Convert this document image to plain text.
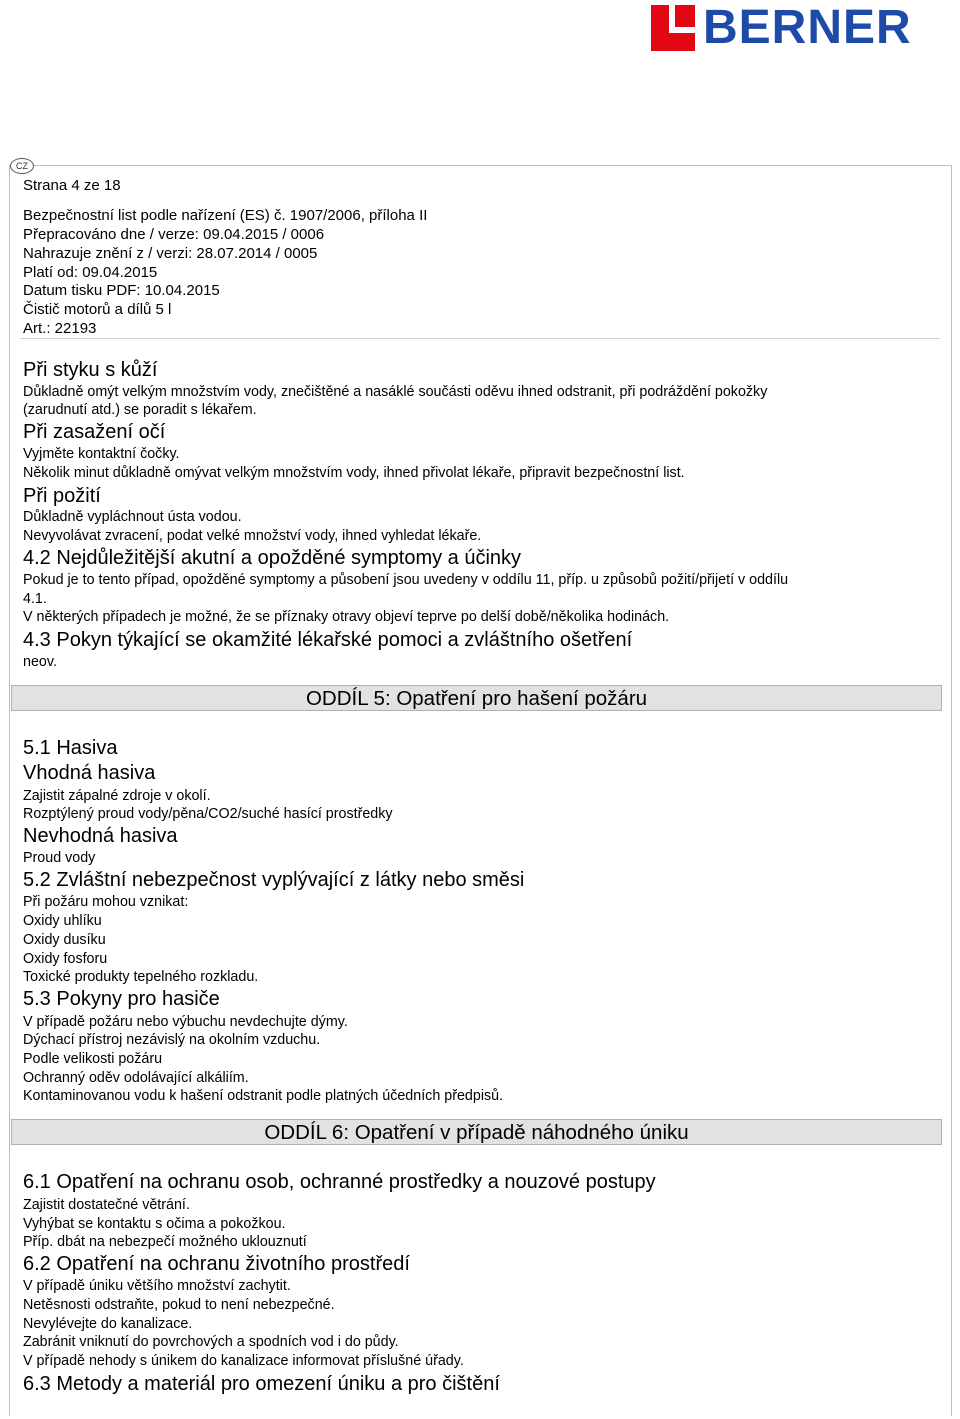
BERNER
CZ
Strana 4 ze 18
Bezpečnostní list podle nařízení (ES) č. 1907/2006, příloha II
Přepracováno dne / verze: 09.04.2015 / 0006
Nahrazuje znění z / verzi: 28.07.2014 / 0005
Platí od: 09.04.2015
Datum tisku PDF: 10.04.2015
Čistič motorů a dílů 5 l
Art.: 22193
Při styku s kůží
Důkladně omýt velkým množstvím vody, znečištěné a nasáklé součásti oděvu ihned odstranit, při podráždění pokožky
(zarudnutí atd.) se poradit s lékařem.
Při zasažení očí
Vyjměte kontaktní čočky.
Několik minut důkladně omývat velkým množstvím vody, ihned přivolat lékaře, připravit bezpečnostní list.
Při požití
Důkladně vypláchnout ústa vodou.
Nevyvolávat zvracení, podat velké množství vody, ihned vyhledat lékaře.
4.2 Nejdůležitější akutní a opožděné symptomy a účinky
Pokud je to tento případ, opožděné symptomy a působení jsou uvedeny v oddílu 11, příp. u způsobů požití/přijetí v oddílu
4.1.
V některých případech je možné, že se příznaky otravy objeví teprve po delší době/několika hodinách.
4.3 Pokyn týkající se okamžité lékařské pomoci a zvláštního ošetření
neov.
ODDÍL 5: Opatření pro hašení požáru
5.1 Hasiva
Vhodná hasiva
Zajistit zápalné zdroje v okolí.
Rozptýlený proud vody/pěna/CO2/suché hasící prostředky
Nevhodná hasiva
Proud vody
5.2 Zvláštní nebezpečnost vyplývající z látky nebo směsi
Při požáru mohou vznikat:
Oxidy uhlíku
Oxidy dusíku
Oxidy fosforu
Toxické produkty tepelného rozkladu.
5.3 Pokyny pro hasiče
V případě požáru nebo výbuchu nevdechujte dýmy.
Dýchací přístroj nezávislý na okolním vzduchu.
Podle velikosti požáru
Ochranný oděv odolávající alkáliím.
Kontaminovanou vodu k hašení odstranit podle platných účedních předpisů.
ODDÍL 6: Opatření v případě náhodného úniku
6.1 Opatření na ochranu osob, ochranné prostředky a nouzové postupy
Zajistit dostatečné větrání.
Vyhýbat se kontaktu s očima a pokožkou.
Příp. dbát na nebezpečí možného uklouznutí
6.2 Opatření na ochranu životního prostředí
V případě úniku většího množství zachytit.
Netěsnosti odstraňte, pokud to není nebezpečné.
Nevylévejte do kanalizace.
Zabránit vniknutí do povrchových a spodních vod i do půdy.
V případě nehody s únikem do kanalizace informovat příslušné úřady.
6.3 Metody a materiál pro omezení úniku a pro čištění
